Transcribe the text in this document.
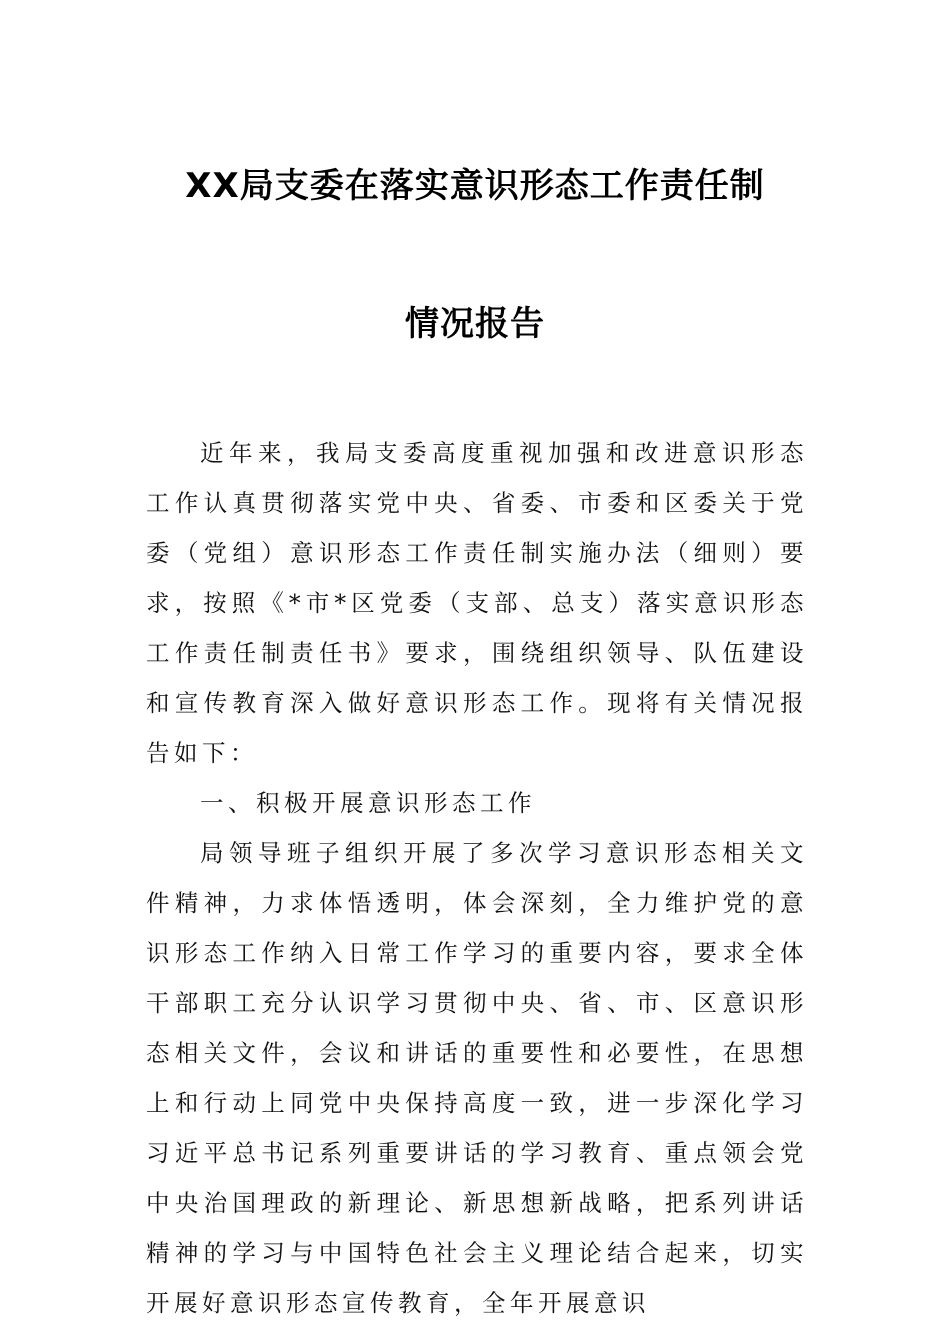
XX局支委在落实意识形态工作责任制
情况报告

近年来，我局支委高度重视加强和改进意识形态工作认真贯彻落实党中央、省委、市委和区委关于党委（党组）意识形态工作责任制实施办法（细则）要求，按照《*市*区党委（支部、总支）落实意识形态工作责任制责任书》要求，围绕组织领导、队伍建设和宣传教育深入做好意识形态工作。现将有关情况报告如下：

一、积极开展意识形态工作

局领导班子组织开展了多次学习意识形态相关文件精神，力求体悟透明，体会深刻，全力维护党的意识形态工作纳入日常工作学习的重要内容，要求全体干部职工充分认识学习贯彻中央、省、市、区意识形态相关文件，会议和讲话的重要性和必要性，在思想上和行动上同党中央保持高度一致，进一步深化学习习近平总书记系列重要讲话的学习教育、重点领会党中央治国理政的新理论、新思想新战略，把系列讲话精神的学习与中国特色社会主义理论结合起来，切实开展好意识形态宣传教育，全年开展意识
